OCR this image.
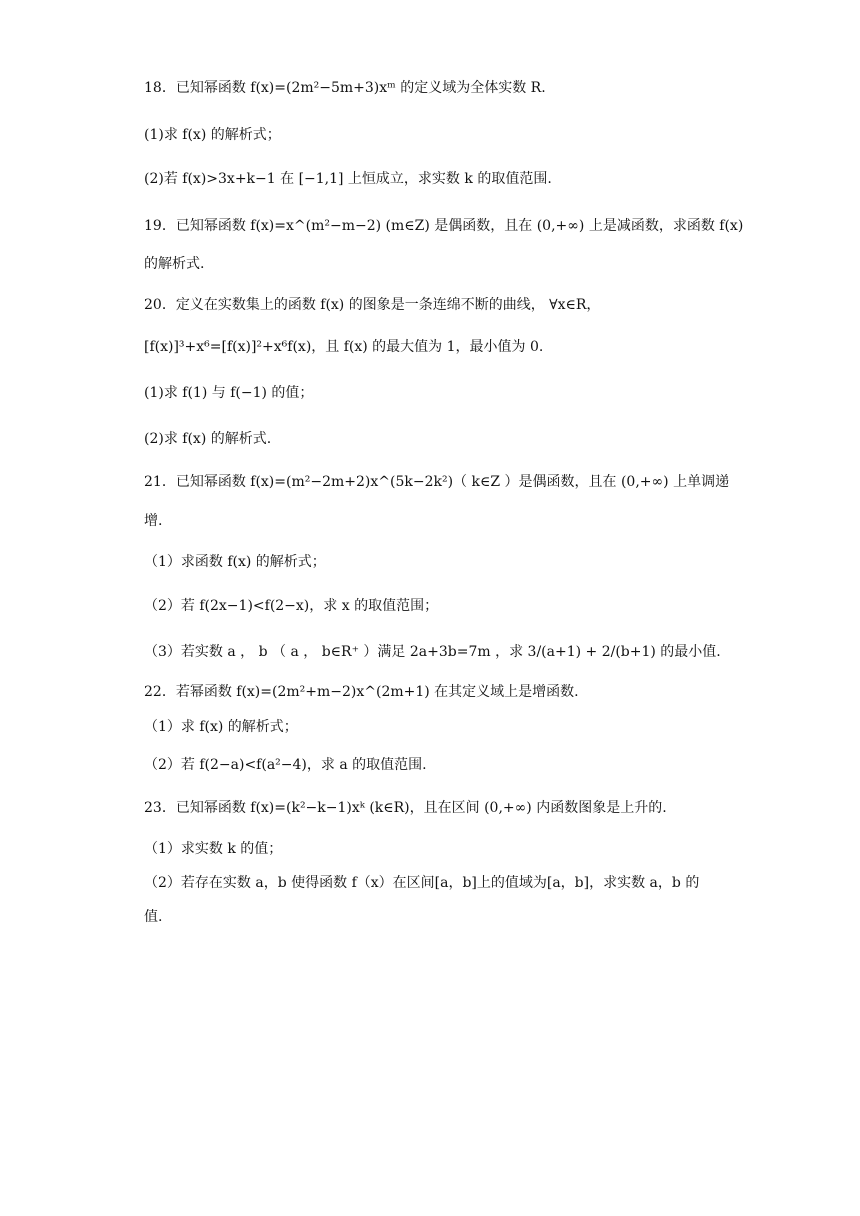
18．已知幂函数 f(x)=(2m²−5m+3)xᵐ 的定义域为全体实数 R.
(1)求 f(x) 的解析式；
(2)若 f(x)>3x+k−1 在 [−1,1] 上恒成立，求实数 k 的取值范围.
19．已知幂函数 f(x)=x^(m²−m−2) (m∈Z) 是偶函数，且在 (0,+∞) 上是减函数，求函数 f(x)
的解析式.
20．定义在实数集上的函数 f(x) 的图象是一条连绵不断的曲线， ∀x∈R，
[f(x)]³+x⁶=[f(x)]²+x⁶f(x)，且 f(x) 的最大值为 1，最小值为 0.
(1)求 f(1) 与 f(−1) 的值；
(2)求 f(x) 的解析式.
21．已知幂函数 f(x)=(m²−2m+2)x^(5k−2k²)（ k∈Z ）是偶函数，且在 (0,+∞) 上单调递
增.
（1）求函数 f(x) 的解析式；
（2）若 f(2x−1)<f(2−x)，求 x 的取值范围；
（3）若实数 a ， b （ a ， b∈R⁺ ）满足 2a+3b=7m ，求 3/(a+1) + 2/(b+1) 的最小值.
22．若幂函数 f(x)=(2m²+m−2)x^(2m+1) 在其定义域上是增函数.
（1）求 f(x) 的解析式；
（2）若 f(2−a)<f(a²−4)，求 a 的取值范围.
23．已知幂函数 f(x)=(k²−k−1)xᵏ (k∈R)，且在区间 (0,+∞) 内函数图象是上升的.
（1）求实数 k 的值；
（2）若存在实数 a，b 使得函数 f（x）在区间[a，b]上的值域为[a，b]，求实数 a，b 的
值.
